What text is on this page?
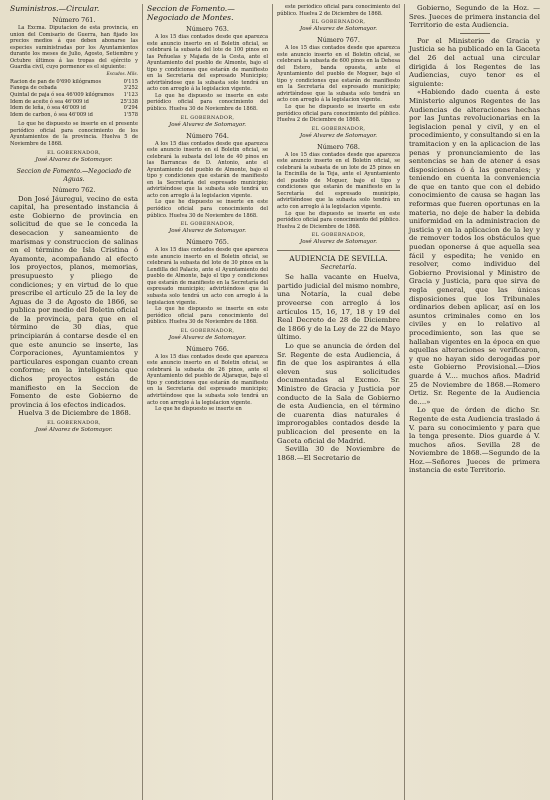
Suministros.—Circular.
Número 761.
La Excma. Diputacion de esta provincia, en union del Comisario de Guerra, han fijado los precios medios á que deben abonarse las especies suministradas por los Ayuntamientos durante los meses de Julio, Agosto, Setiembre y Octubre últimos á las tropas del ejército y Guardia civil, cuyo pormenor es el siguiente:
Escudos. Mils.
Racion de pan de 0'690 kilógramos	0'115
Fanega de cebada	3'252
Quintal de paja ó sea 46'009 kilógramos	1'123
Idem de aceite ó sea 46'009 id	25'338
Idem de leña, ó sea 46'009 id	0'294
Idem de carbon, ó sea 46'009 id	1'578
Lo que he dispuesto se inserte en el presente periódico oficial para conocimiento de los Ayuntamientos de la provincia. Huelva 5 de Noviembre de 1868.
EL GOBERNADOR,
José Alvarez de Sotomayor.
Seccion de Fomento.—Negociado de Aguas.
Número 762.
Don José Jáuregui, vecino de esta capital, ha presentado instancia á este Gobierno de provincia en solicitud de que se le conceda la desecacion y saneamiento de marismas y construccion de salinas en el término de Isla Cristina ó Ayamonte, acompañando al efecto los proyectos, planos, memorias, presupuesto y pliego de condiciones; y en virtud de lo que prescribe el artículo 25 de la ley de Aguas de 3 de Agosto de 1866, se publica por medio del Boletin oficial de la provincia, para que en el término de 30 dias, que principiarán á contarse desde el en que este anuncio se inserte, las Corporaciones, Ayuntamientos y particulares espongan cuanto crean conforme; en la inteligencia que dichos proyectos están de manifiesto en la Seccion de Fomento de este Gobierno de provincia á los efectos indicados.
Huelva 3 de Diciembre de 1868.
EL GOBERNADOR,
José Alvarez de Sotomayor.
Seccion de Fomento.—Negociado de Montes.
Número 763.
A los 15 dias contados desde que aparezca este anuncio inserto en el Boletin oficial, se celebrará la subasta del lote de 100 pinos en las Peñuelas y Majada de la Cesta, ante el Ayuntamiento del pueblo de Almonte, bajo el tipo y condiciones que estarán de manifiesto en la Secretaría del espresado Municipio; advirtiéndose que la subasta solo tendrá un acto con arreglo á la legislacion vigente.
Lo que he dispuesto se inserte en este periódico oficial para conocimiento del público. Huelva 30 de Noviembre de 1868.
EL GOBERNADOR,
José Alvarez de Sotomayor.
Número 764.
A los 15 dias contados desde que aparezca este anuncio inserto en el Boletin oficial, se celebrará la subasta del lote de 40 pinos en las Barrancas de D. Antonio, ante el Ayuntamiento del pueblo de Almonte, bajo el tipo y condiciones que estarán de manifiesto en la Secretaría del espresado municipio; advirtiéndose que la subasta solo tendrá un acto con arreglo á la legislacion vigente.
Lo que he dispuesto se inserte en este periódico oficial para conocimiento del público. Huelva 30 de Noviembre de 1868.
EL GOBERNADOR,
José Alvarez de Sotomayor.
Número 765.
A los 15 dias contados desde que aparezca este anuncio inserto en el Boletin oficial, se celebrará la subasta del lote de 30 pinos en la Lendilla del Palacio, ante el Ayuntamiento del pueblo de Almonte, bajo el tipo y condiciones que estarán de manifiesto en la Secretaría del espresado municipio; advirtiéndose que la subasta solo tendrá un acto con arreglo á la legislacion vigente.
Lo que he dispuesto se inserte en este periódico oficial para conocimiento del público. Huelva 30 de Noviembre de 1868.
EL GOBERNADOR,
José Alvarez de Sotomayor.
Número 766.
A los 15 dias contados desde que aparezca este anuncio inserto en el Boletin oficial, se celebrará la subasta de 26 pinos, ante el Ayuntamiento del pueblo de Aljaraque, bajo el tipo y condiciones que estarán de manifiesto en la Secretaría del espresado municipio; advirtiéndose que la subasta solo tendrá un acto con arreglo á la legislacion vigente.
Lo que he dispuesto se inserte en
este periódico oficial para conocimiento del público. Huelva 2 de Diciembre de 1868.
EL GOBERNADOR,
José Alvarez de Sotomayor.
Número 767.
A los 15 dias contados desde que aparezca este anuncio inserto en el Boletin oficial, se celebrará la subasta de 600 pinos en la Dehesa del Estero, banda opuesta, ante el Ayuntamiento del pueblo de Moguer, bajo el tipo y condiciones que estarán de manifiesto en la Secretaría del espresado municipio; advirtiéndose que la subasta solo tendrá un acto con arreglo á la legislacion vigente.
Lo que he dispuesto se inserte en este periódico oficial para conocimiento del público. Huelva 2 de Diciembre de 1868.
EL GOBERNADOR,
José Alvarez de Sotomayor.
Número 768.
A los 15 dias contados desde que aparezca este anuncio inserto en el Boletin oficial, se celebrará la subasta de un lote de 25 pinos en la Encinilla de la Teja, ante el Ayuntamiento del pueblo de Moguer, bajo el tipo y condiciones que estarán de manifiesto en la Secretaría del espresado municipio, advirtiéndose que la subasta solo tendrá un acto con arreglo á la legislacion vigente.
Lo que he dispuesto se inserte en este periódico oficial para conocimiento del público. Huelva 2 de Diciembre de 1868.
EL GOBERNADOR,
José Alvarez de Sotomayor.
AUDIENCIA DE SEVILLA.
Secretaría.
Se halla vacante en Huelva, partido judicial del mismo nombre, una Notaría, la cual debe proveerse con arreglo á los artículos 15, 16, 17, 18 y 19 del Real Decreto de 28 de Diciembre de 1866 y de la Ley de 22 de Mayo último.
Lo que se anuncia de órden del Sr. Regente de esta Audiencia, á fin de que los aspirantes á ella eleven sus solicitudes documentadas al Excmo. Sr. Ministro de Gracia y Justicia por conducto de la Sala de Gobierno de esta Audiencia, en el término de cuarenta dias naturales é improrogables contados desde la publicacion del presente en la Gaceta oficial de Madrid.
Sevilla 30 de Noviembre de 1868.—El Secretario de
Gobierno, Segundo de la Hoz. —Sres. Jueces de primera instancia del Territorio de esta Audiencia.
Por el Ministerio de Gracia y Justicia se ha publicado en la Gaceta del 26 del actual una circular dirigida á los Regentes de las Audiencias, cuyo tenor es el siguiente:
«Habiendo dado cuenta á este Ministerio algunos Regentes de las Audiencias de alteraciones hechas por las Juntas revolucionarias en la legislacion penal y civil, y en el procedimiento, y consultando si en la tramitacion y en la aplicacion de las penas y pronunciamiento de las sentencias se han de atener á esas disposiciones ó á las generales; y teniendo en cuenta la conveniencia de que en tanto que con el debido conocimiento de causa se hagan las reformas que fueren oportunas en la materia, no deje de haber la debida uniformidad en la administracion de justicia y en la aplicacion de la ley y de remover todos los obstáculos que puedan oponerse á que aquella sea fácil y espedita; he venido en resolver, como individuo del Gobierno Provisional y Ministro de Gracia y Justicia, para que sirva de regla general, que las únicas disposiciones que los Tribunales ordinarios deben aplicar, así en los asuntos criminales como en los civiles y en lo relativo al procedimiento, son las que se hallaban vigentes en la época en que aquellas alteraciones se verificaron, y que no hayan sido derogadas por este Gobierno Provisional.—Dios guarde á V.... muchos años. Madrid 25 de Noviembre de 1868.—Romero Ortiz. Sr. Regente de la Audiencia de....»
Lo que de órden de dicho Sr. Regente de esta Audiencia traslado á V. para su conocimiento y para que la tenga presente. Dios guarde á V. muchos años. Sevilla 28 de Noviembre de 1868.—Segundo de la Hoz.—Señores Jueces de primera instancia de este Territorio.
